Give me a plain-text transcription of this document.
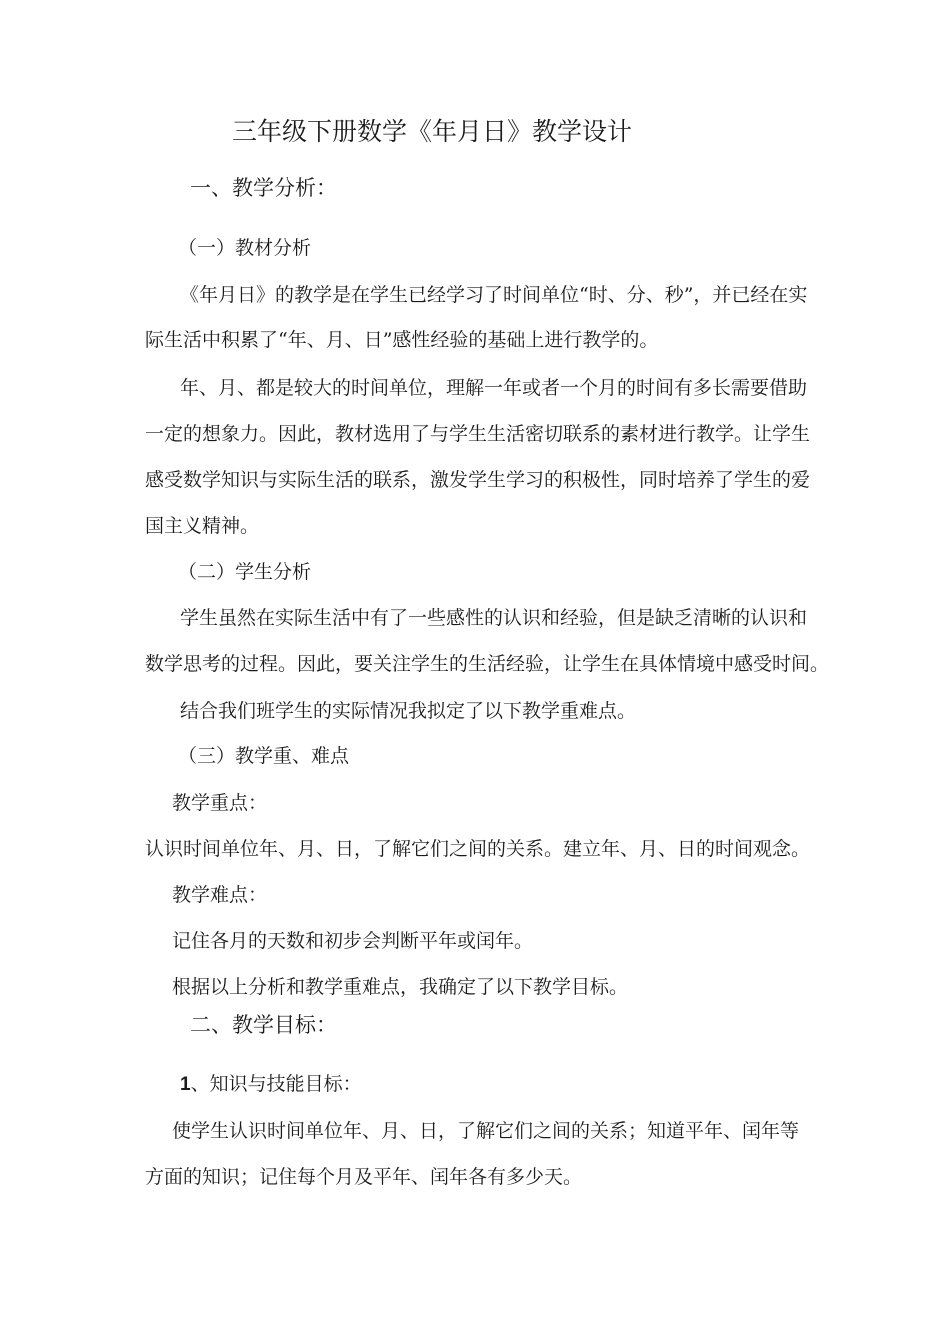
三年级下册数学《年月日》教学设计
一、教学分析：
（一）教材分析
《年月日》的教学是在学生已经学习了时间单位“时、分、秒”，并已经在实
际生活中积累了“年、月、日”感性经验的基础上进行教学的。
年、月、都是较大的时间单位，理解一年或者一个月的时间有多长需要借助
一定的想象力。因此，教材选用了与学生生活密切联系的素材进行教学。让学生
感受数学知识与实际生活的联系，激发学生学习的积极性，同时培养了学生的爱
国主义精神。
（二）学生分析
学生虽然在实际生活中有了一些感性的认识和经验，但是缺乏清晰的认识和
数学思考的过程。因此，要关注学生的生活经验，让学生在具体情境中感受时间。
结合我们班学生的实际情况我拟定了以下教学重难点。
（三）教学重、难点
教学重点：
认识时间单位年、月、日，了解它们之间的关系。建立年、月、日的时间观念。
教学难点：
记住各月的天数和初步会判断平年或闰年。
根据以上分析和教学重难点，我确定了以下教学目标。
二、教学目标：
1、知识与技能目标：
使学生认识时间单位年、月、日，了解它们之间的关系；知道平年、闰年等
方面的知识；记住每个月及平年、闰年各有多少天。
